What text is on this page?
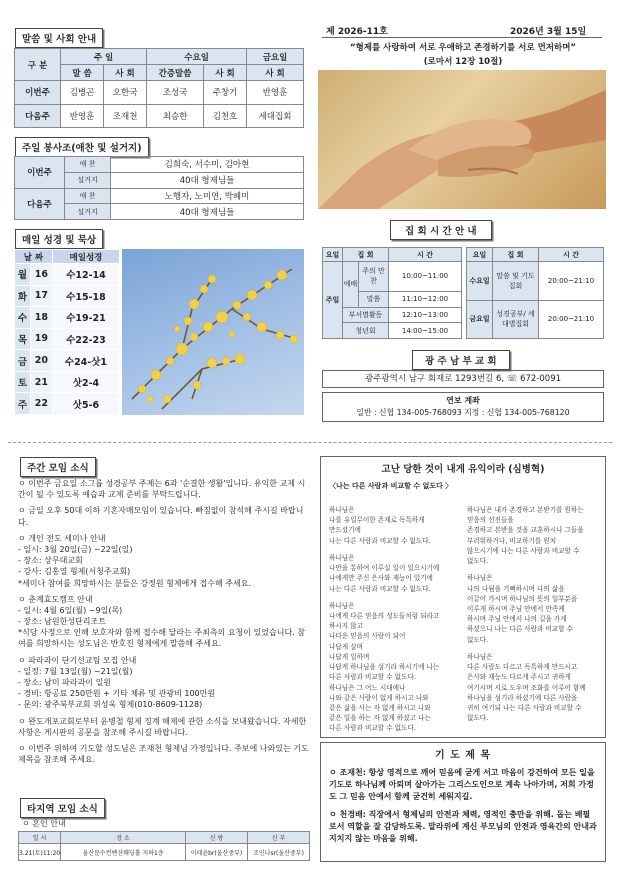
말씀 및 사회 안내
구 분	주 일		수요일		금요일
	말 씀	사 회	간증말씀	사 회	사 회
이번주	김병곤	오한국	조성국	주창기	반영훈
다음주	반영훈	조재천	최승한	김천호	세대집회
주일 봉사조(애찬 및 설거지)
이번주	애 찬	김희숙, 서수미, 김아현
	설거지	40대 형제님들
다음주	애 찬	노행자, 노미연, 박혜미
	설거지	40대 형제님들
매일 성경 및 묵상
날 짜		매일성경
월	16	수12-14
화	17	수15-18
수	18	수19-21
목	19	수22-23
금	20	수24-삿1
토	21	삿2-4
주	22	삿5-6
제 2026-11호	2026년 3월 15일
“형제를 사랑하여 서로 우애하고 존경하기를 서로 먼저하며”
(로마서 12장 10절)
집 회 시 간 안 내
요일	집 회		시 간
주일	예배	주의 만찬	10:00~11:00
		말씀	11:10~12:00
	부서별활동		12:10~13:00
	청년회		14:00~15:00
요일	집 회	시 간
수요일	말씀 및 기도집회	20:00~21:10
금요일	성경공부/ 세대별집회	20:00~21:10
광 주 남 부 교 회
광주광역시 남구 회재로 1293번길 6, ☏ 672-0091
연보 계좌
일반 : 신협 134-005-768093 지정 : 신협 134-005-768120
주간 모임 소식

ㅇ 이번주 금요일 소그룹 성경공부 주제는 6과 '순결한 생활'입니다. 유익한 교제 시간이 될 수 있도록 예습과 교제 준비를 부탁드립니다.

ㅇ 금일 오후 50대 이하 기혼자매모임이 있습니다. 빠짐없이 참석해 주시길 바랍니다.

ㅇ 개인 전도 세미나 안내
- 일시: 3월 20일(금) ~22일(일)
- 장소: 상무대교회
- 강사: 김홍열 형제(서청주교회)
*세미나 참여를 희망하시는 분들은 강정원 형제에게 접수해 주세요.

ㅇ 춘계효도캠프 안내
- 일시: 4월 6일(월) ~9일(목)
- 장소: 남원한성단리조트
*식당 사정으로 인해 보호자와 함께 접수해 달라는 주최측의 요청이 있었습니다. 참여를 희망하시는 성도님은 반호진 형제에게 말씀해 주세요.

ㅇ 파라과이 단기선교팀 모집 안내
- 일정: 7월 13일(월) ~21일(월)
- 장소: 남미 파라과이 일원
- 경비: 항공료 250만원 + 기타 체류 및 관광비 100만원
- 문의: 광주북부교회 위성욱 형제(010-8609-1128)

ㅇ 완도개포교회로부터 윤병철 형제 징계 해제에 관한 소식을 보내왔습니다. 자세한 사항은 게시판의 공문을 참조해 주시길 바랍니다.

ㅇ 이번주 위하여 기도할 성도님은 조재천 형제님 가정입니다. 주보에 나와있는 기도제목을 참조해 주세요.

타지역 모임 소식
ㅇ 혼인 안내
일 시	장 소	신 랑	신 부
3.21(토)11:20	울산문수컨벤션웨딩홀 지하1층	이태윤br(울산중부)	조인나sr(울산중부)
고난 당한 것이 내게 유익이라 (심병혁)
〈나는 다른 사람과 비교할 수 없도다 〉

하나님은
나를 유일무이한 존재로 독특하게
만드셨기에
나는 다른 사람과 비교할 수 없도다.

하나님은
나만을 통하여 이루실 일이 있으시기에
나에게만 주신 은사와 재능이 있기에
나는 다른 사람과 비교할 수 없도다.

하나님은
나에게 다른 믿음의 성도들처럼 되라고
하시지 않고
나다운 믿음의 사람이 되어
나답게 살며
나답게 일하며
나답게 하나님을 섬기라 하시기에 나는
다른 사람과 비교할 수 없도다.
하나님은 그 어느 시대에나
나와 같은 사람이 없게 하시고 나와
같은 삶을 사는 자 없게 하시고 나와
같은 일을 하는 자 없게 하셨고 나는
다른 사람과 비교할 수 없도다.

하나님은 내가 존경하고 본받기를 원하는
믿음의 선진들을
존경하고 본받을 것을 교훈하시나 그들을
부러워하거나, 비교하기를 원치
않으시기에 나는 다른 사람과 비교할 수
없도다.

하나님은
나의 나됨을 기뻐하시며 나의 삶을
이끌어 가시며 하나님의 뜻의 일부분을
이루게 하시며 주님 안에서 만족케
하시며 주님 안에서 나의 길을 가게
하셨으니 나는 다른 사람과 비교할 수
없도다.

하나님은
다른 사람도 다르고 독특하게 만드시고
은사와 재능도 다르게 주시고 귀하게
여기시며 서로 도우며 조화를 이루어 함께
하나님을 섬기라 하셨기에 다른 사람을
귀히 여기되 나는 다른 사람과 비교할 수
없도다.

기 도 제 목

ㅇ 조재천: 항상 영적으로 깨어 믿음에 굳게 서고 마음이 강건하여 모든 일을 기도로 하나님께 아뢰며 살아가는 그리스도인으로 계속 나아가며, 저희 가정도 그 믿음 안에서 함께 굳건히 세워지길.

ㅇ 천경배: 직장에서 형제님의 안전과 체력, 영적인 충만을 위해. 돕는 배필로서 역할을 잘 감당하도록. 말라위에 계신 부모님의 안전과 영육간의 안내과 지치지 않는 마음을 위해.
